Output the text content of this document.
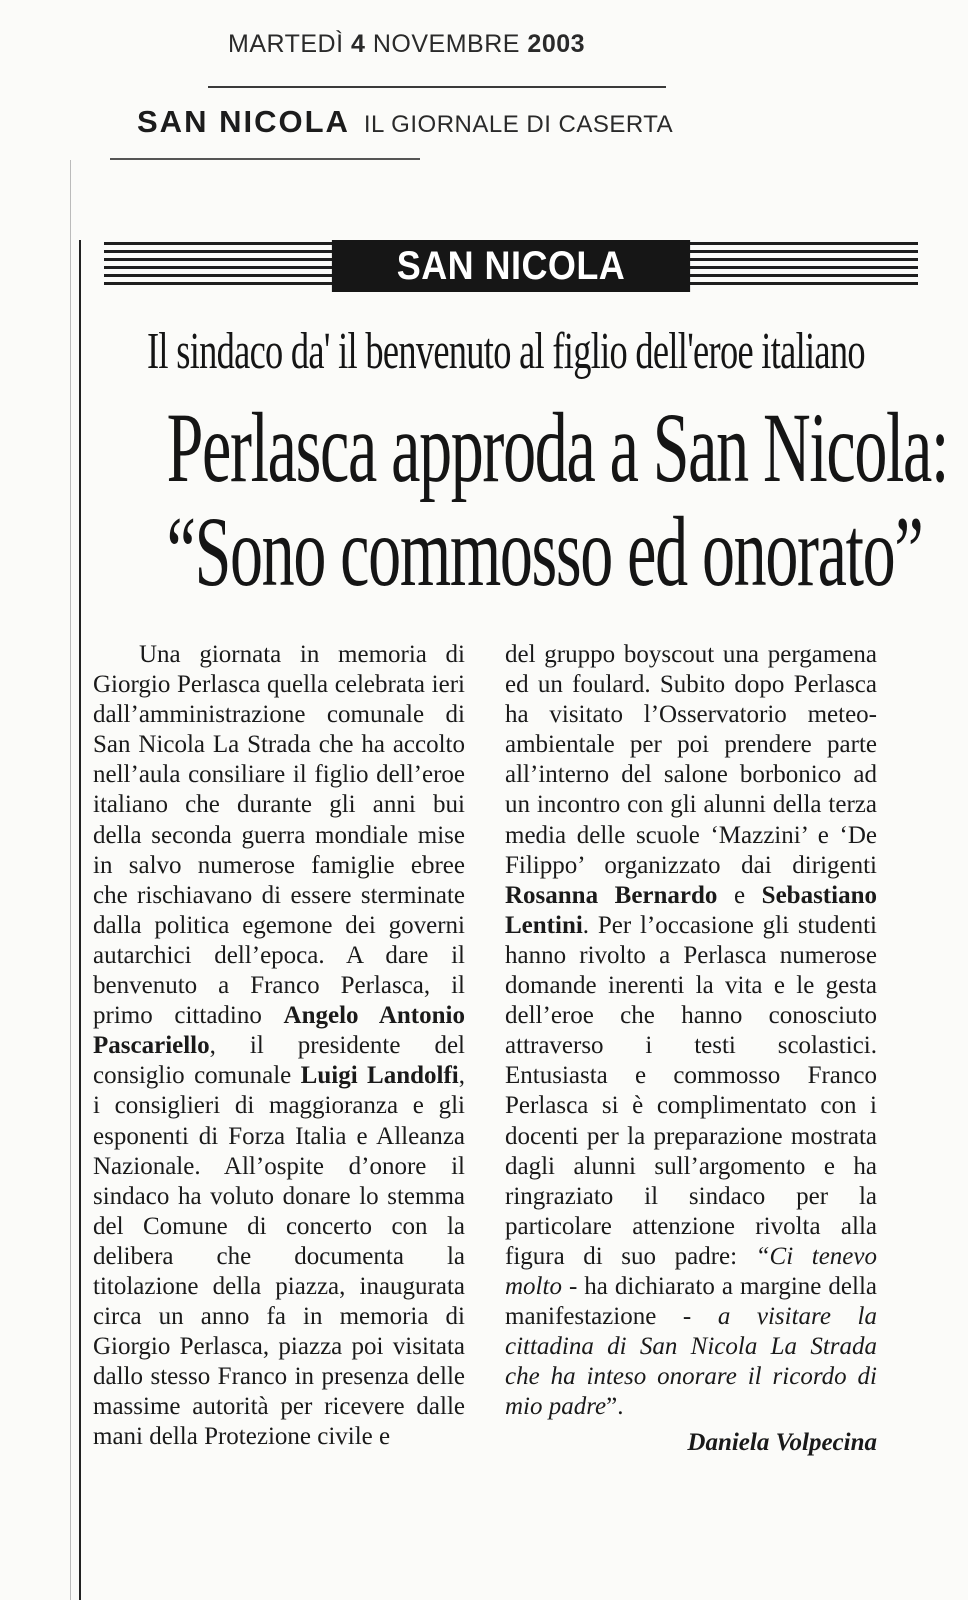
MARTEDÌ 4 NOVEMBRE 2003
SAN NICOLA IL GIORNALE DI CASERTA
SAN NICOLA
Il sindaco da' il benvenuto al figlio dell'eroe italiano
Perlasca approda a San Nicola:
“Sono commosso ed onorato”

Una giornata in memoria di Giorgio Perlasca quella celebrata ieri dall’amministrazione comunale di San Nicola La Strada che ha accolto nell’aula consiliare il figlio dell’eroe italiano che durante gli anni bui della seconda guerra mondiale mise in salvo numerose famiglie ebree che rischiavano di essere sterminate dalla politica egemone dei governi autarchici dell’epoca. A dare il benvenuto a Franco Perlasca, il primo cittadino Angelo Antonio Pascariello, il presidente del consiglio comunale Luigi Landolfi, i consiglieri di maggioranza e gli esponenti di Forza Italia e Alleanza Nazionale. All’ospite d’onore il sindaco ha voluto donare lo stemma del Comune di concerto con la delibera che documenta la titolazione della piazza, inaugurata circa un anno fa in memoria di Giorgio Perlasca, piazza poi visitata dallo stesso Franco in presenza delle massime autorità per ricevere dalle mani della Protezione civile e

del gruppo boyscout una pergamena ed un foulard. Subito dopo Perlasca ha visitato l’Osservatorio meteo-ambientale per poi prendere parte all’interno del salone borbonico ad un incontro con gli alunni della terza media delle scuole ‘Mazzini’ e ‘De Filippo’ organizzato dai dirigenti Rosanna Bernardo e Sebastiano Lentini. Per l’occasione gli studenti hanno rivolto a Perlasca numerose domande inerenti la vita e le gesta dell’eroe che hanno conosciuto attraverso i testi scolastici. Entusiasta e commosso Franco Perlasca si è complimentato con i docenti per la preparazione mostrata dagli alunni sull’argomento e ha ringraziato il sindaco per la particolare attenzione rivolta alla figura di suo padre: “Ci tenevo molto - ha dichiarato a margine della manifestazione - a visitare la cittadina di San Nicola La Strada che ha inteso onorare il ricordo di mio padre”.

Daniela Volpecina
